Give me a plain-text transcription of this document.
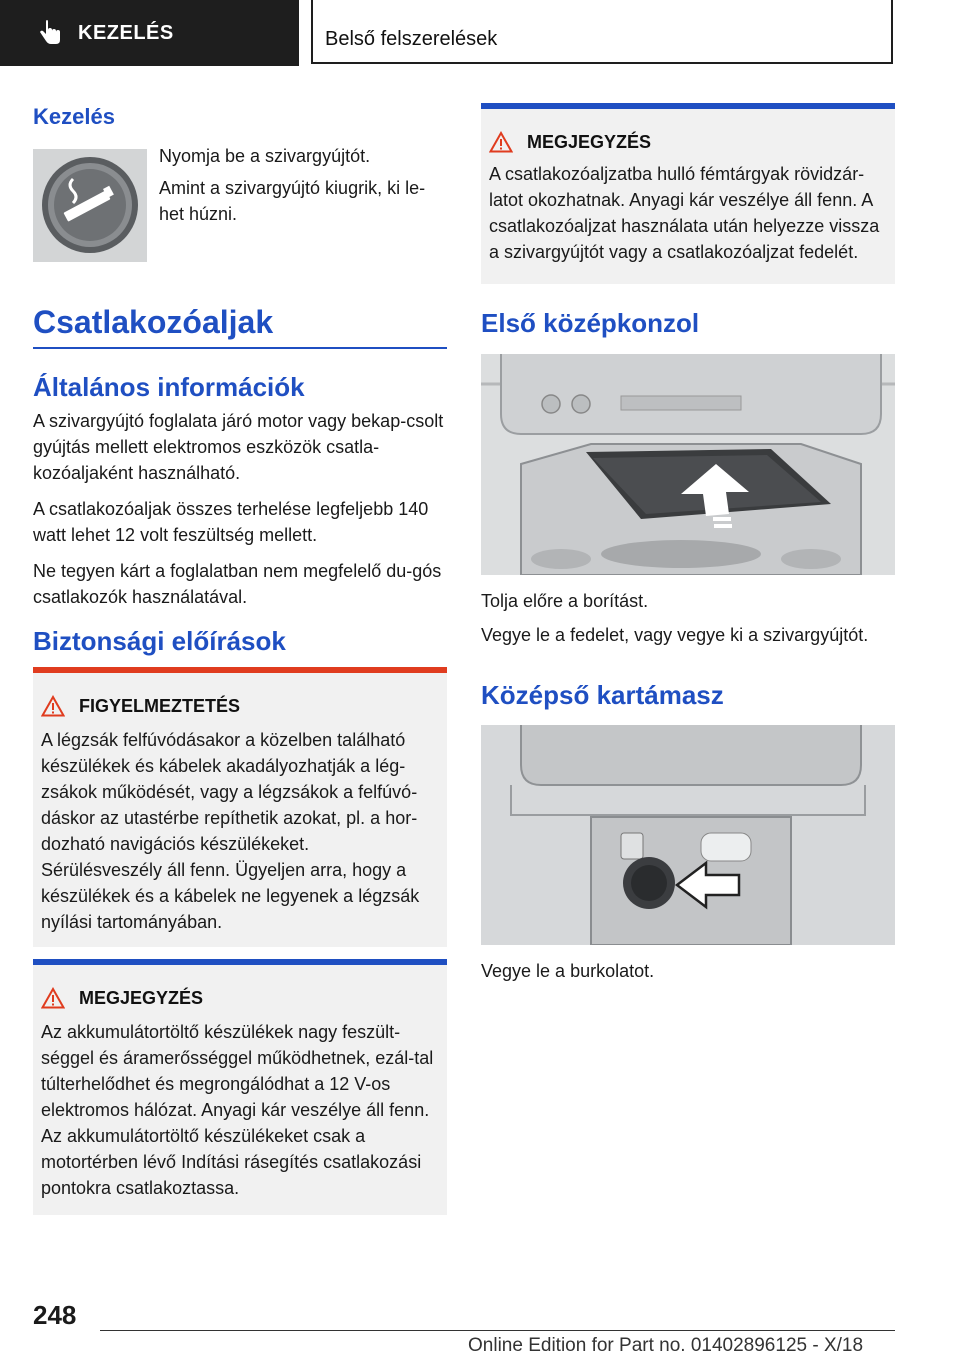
KEZELÉS	Belső felszerelések
Kezelés

Nyomja be a szivargyújtót.

Amint a szivargyújtó kiugrik, ki le‐het húzni.

Csatlakozóaljak
Általános információk

A szivargyújtó foglalata járó motor vagy bekap‐csolt gyújtás mellett elektromos eszközök csatla‐kozóaljaként használható.

A csatlakozóaljak összes terhelése legfeljebb 140 watt lehet 12 volt feszültség mellett.

Ne tegyen kárt a foglalatban nem megfelelő du‐gós csatlakozók használatával.

Biztonsági előírások
FIGYELMEZTETÉS
A légzsák felfúvódásakor a közelben található készülékek és kábelek akadályozhatják a lég‐zsákok működését, vagy a légzsákok a felfúvó‐dáskor az utastérbe repíthetik azokat, pl. a hor‐dozható navigációs készülékeket.
Sérülésveszély áll fenn. Ügyeljen arra, hogy a készülékek és a kábelek ne legyenek a légzsák nyílási tartományában.
MEGJEGYZÉS
Az akkumulátortöltő készülékek nagy feszült‐séggel és áramerősséggel működhetnek, ezál‐tal túlterhelődhet és megrongálódhat a 12 V-os elektromos hálózat. Anyagi kár veszélye áll fenn. Az akkumulátortöltő készülékeket csak a motortérben lévő Indítási rásegítés csatlakozási pontokra csatlakoztassa.
MEGJEGYZÉS
A csatlakozóaljzatba hulló fémtárgyak rövidzár‐latot okozhatnak. Anyagi kár veszélye áll fenn. A csatlakozóaljzat használata után helyezze vissza a szivargyújtót vagy a csatlakozóaljzat fedelét.
Első középkonzol

Tolja előre a borítást.

Vegye le a fedelet, vagy vegye ki a szivargyújtót.

Középső kartámasz

Vegye le a burkolatot.

248
Online Edition for Part no. 01402896125 - X/18
